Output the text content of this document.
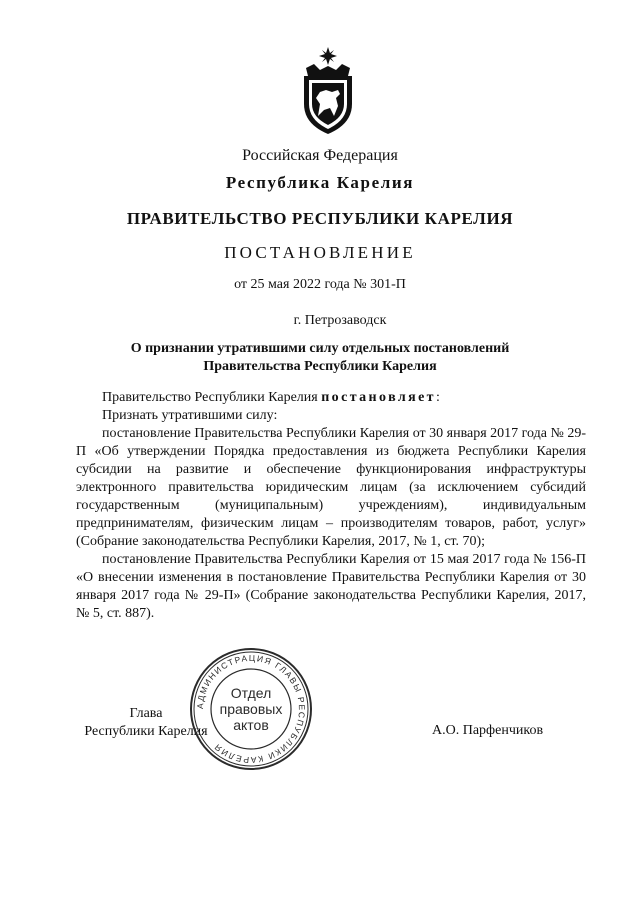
Российская Федерация
Республика Карелия
ПРАВИТЕЛЬСТВО РЕСПУБЛИКИ КАРЕЛИЯ
ПОСТАНОВЛЕНИЕ
от 25 мая 2022 года № 301-П
г. Петрозаводск
О признании утратившими силу отдельных постановлений
Правительства Республики Карелия

Правительство Республики Карелия постановляет:

Признать утратившими силу:

постановление Правительства Республики Карелия от 30 января 2017 года № 29-П «Об утверждении Порядка предоставления из бюджета Республики Карелия субсидии на развитие и обеспечение функционирования инфраструктуры электронного правительства юридическим лицам (за исключением субсидий государственным (муниципальным) учреждениям), индивидуальным предпринимателям, физическим лицам – производителям товаров, работ, услуг» (Собрание законодательства Республики Карелия, 2017, № 1, ст. 70);

постановление Правительства Республики Карелия от 15 мая 2017 года № 156-П «О внесении изменения в постановление Правительства Республики Карелия от 30 января 2017 года № 29-П» (Собрание законодательства Республики Карелия, 2017, № 5, ст. 887).

Глава
Республики Карелия
АДМИНИСТРАЦИЯ ГЛАВЫ РЕСПУБЛИКИ КАРЕЛИЯ
Отдел
правовых
актов	А.О. Парфенчиков
